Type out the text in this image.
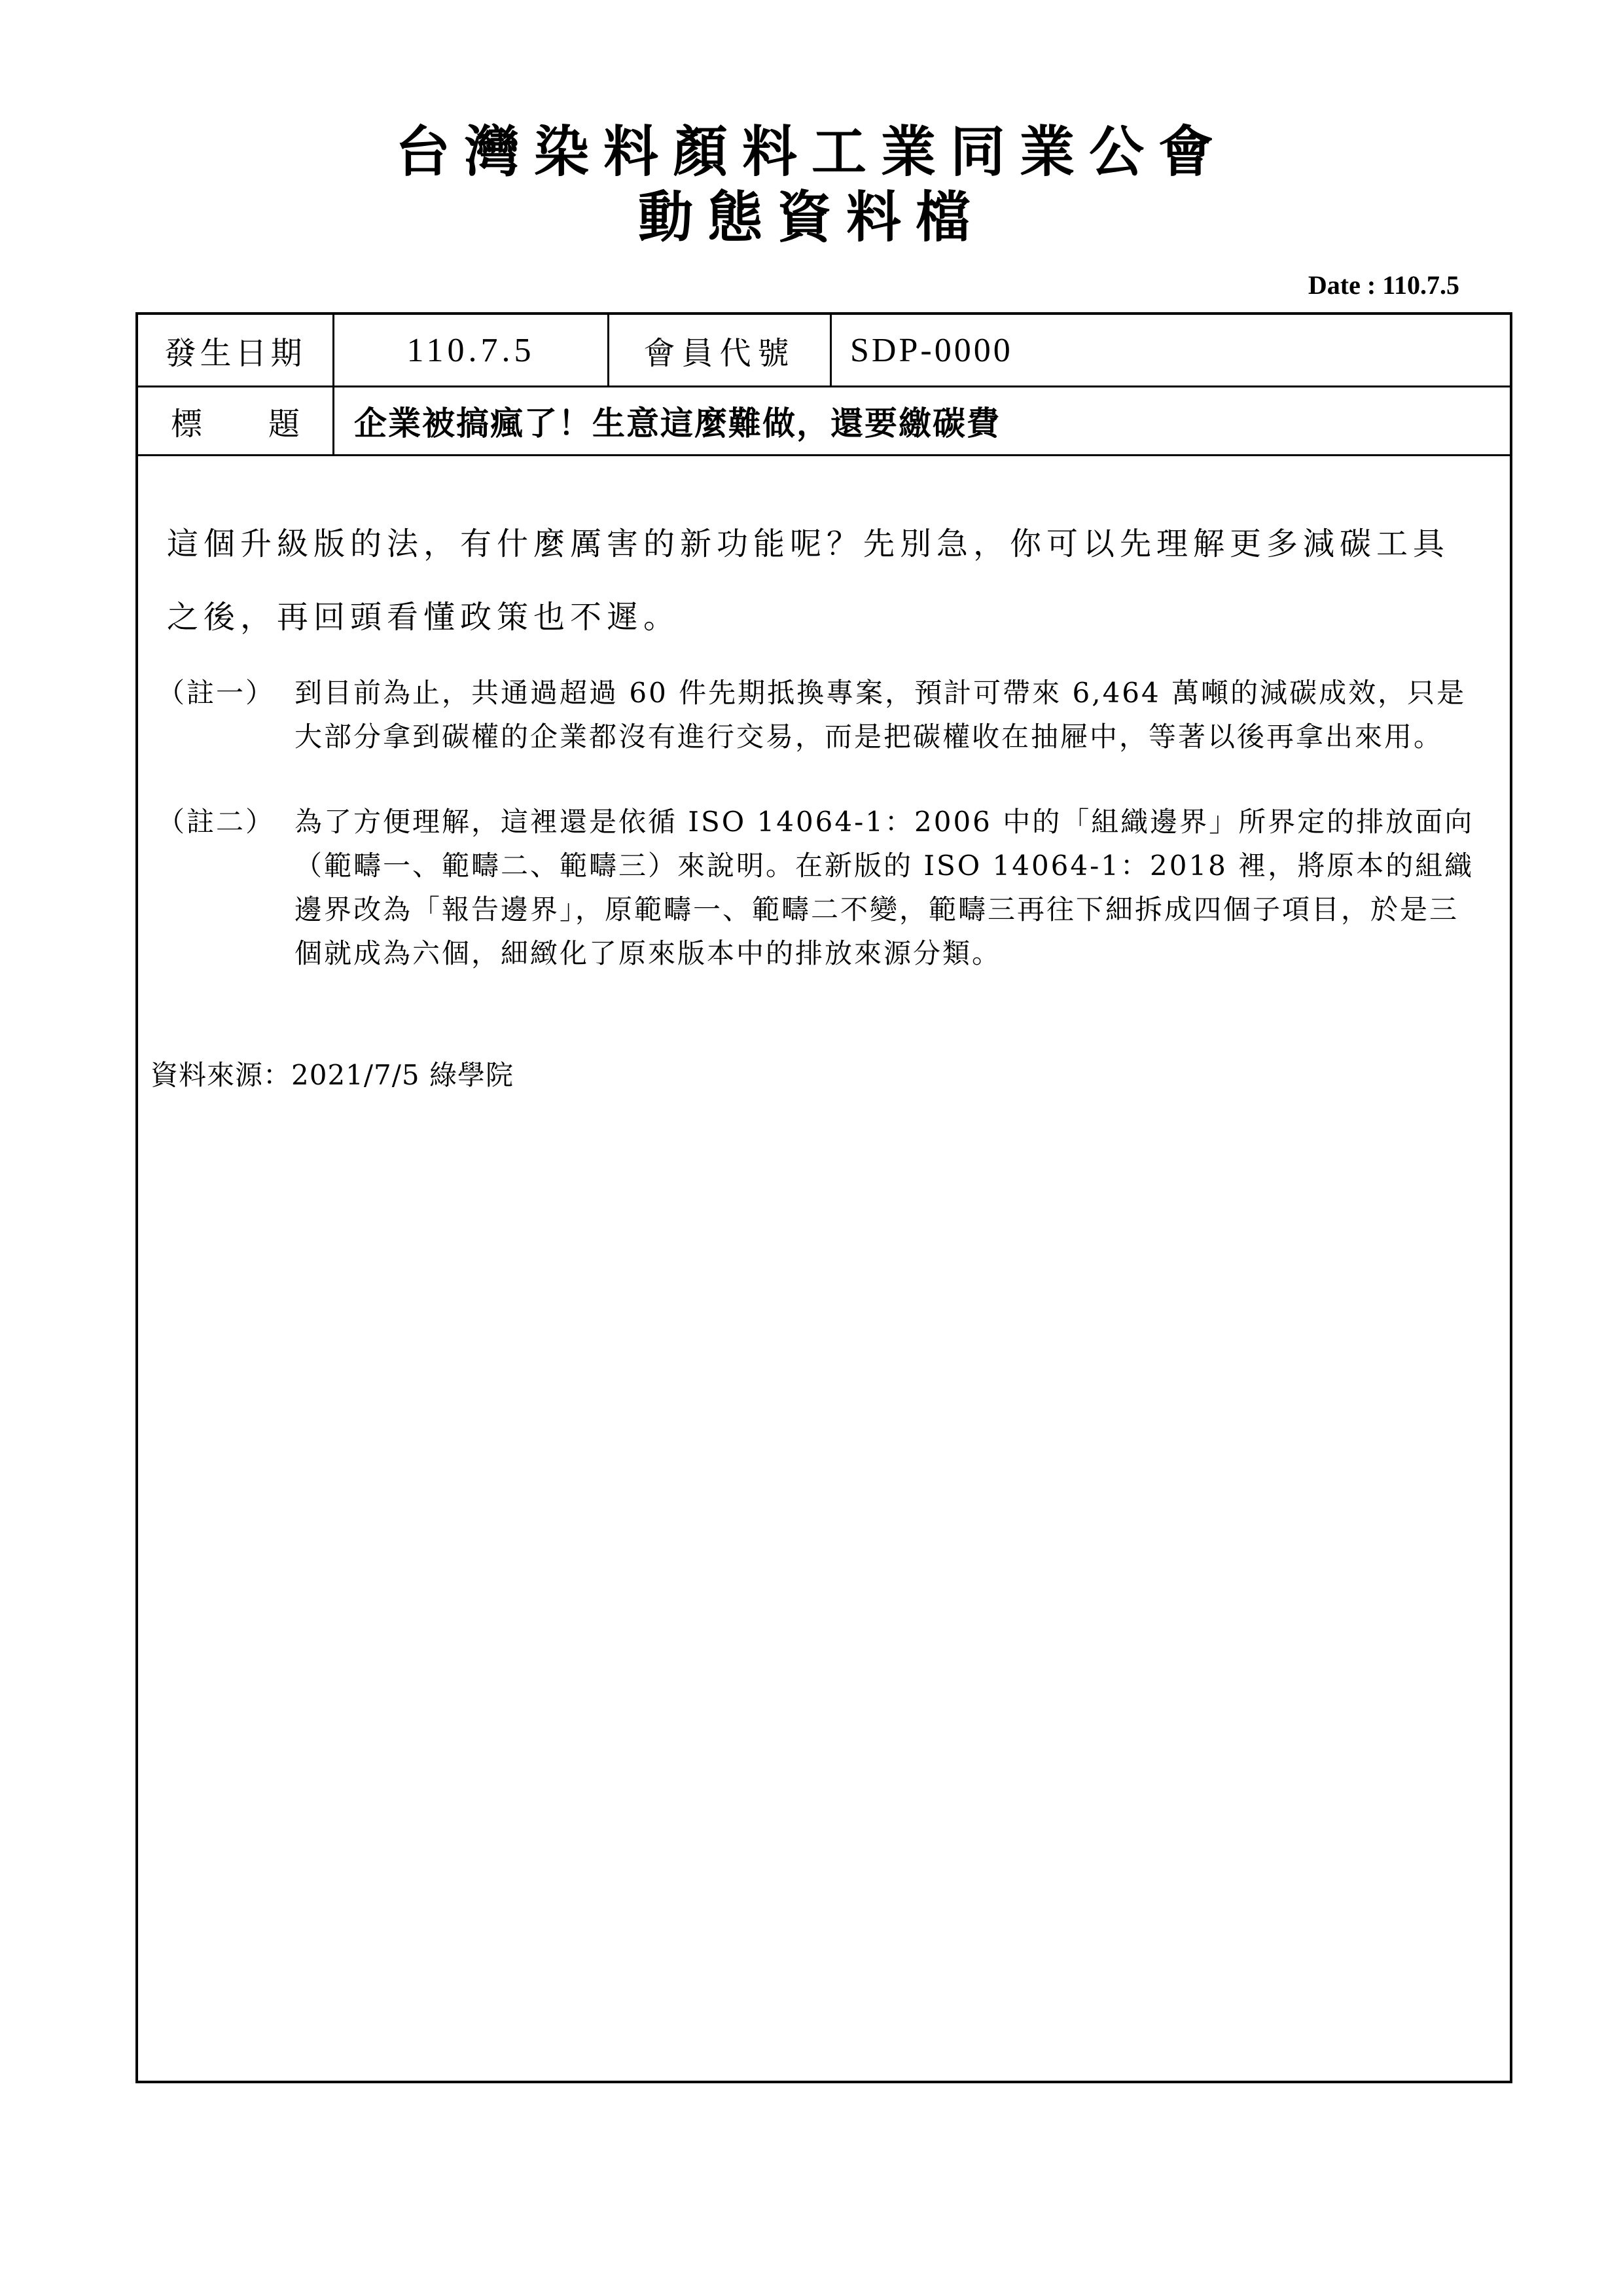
台灣染料顏料工業同業公會
動態資料檔
Date : 110.7.5
發生日期	110.7.5	會員代號	SDP-0000
標 題	企業被搞瘋了！生意這麼難做，還要繳碳費

這個升級版的法，有什麼厲害的新功能呢？先別急，你可以先理解更多減碳工具之後，再回頭看懂政策也不遲。

（註一） 到目前為止，共通過超過 60 件先期抵換專案，預計可帶來 6,464 萬噸的減碳成效，只是大部分拿到碳權的企業都沒有進行交易，而是把碳權收在抽屜中，等著以後再拿出來用。
（註二） 為了方便理解，這裡還是依循 ISO 14064-1：2006 中的「組織邊界」所界定的排放面向（範疇一、範疇二、範疇三）來說明。在新版的 ISO 14064-1：2018 裡，將原本的組織邊界改為「報告邊界」，原範疇一、範疇二不變，範疇三再往下細拆成四個子項目，於是三個就成為六個，細緻化了原來版本中的排放來源分類。
資料來源：2021/7/5 綠學院
